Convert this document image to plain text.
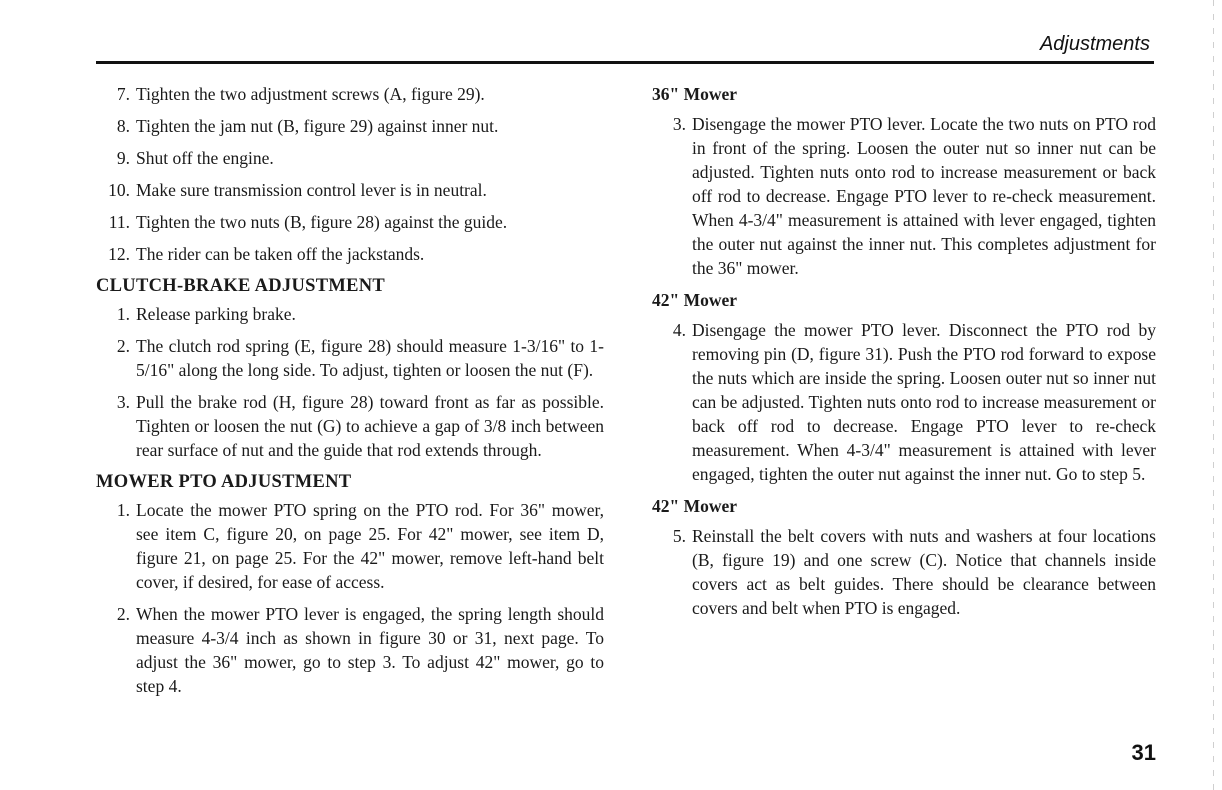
Adjustments
7. Tighten the two adjustment screws (A, figure 29).
8. Tighten the jam nut (B, figure 29) against inner nut.
9. Shut off the engine.
10. Make sure transmission control lever is in neutral.
11. Tighten the two nuts (B, figure 28) against the guide.
12. The rider can be taken off the jackstands.
CLUTCH-BRAKE ADJUSTMENT
1. Release parking brake.
2. The clutch rod spring (E, figure 28) should measure 1-3/16" to 1-5/16" along the long side. To adjust, tighten or loosen the nut (F).
3. Pull the brake rod (H, figure 28) toward front as far as possible. Tighten or loosen the nut (G) to achieve a gap of 3/8 inch between rear surface of nut and the guide that rod extends through.
MOWER PTO ADJUSTMENT
1. Locate the mower PTO spring on the PTO rod. For 36" mower, see item C, figure 20, on page 25. For 42" mower, see item D, figure 21, on page 25. For the 42" mower, remove left-hand belt cover, if desired, for ease of access.
2. When the mower PTO lever is engaged, the spring length should measure 4-3/4 inch as shown in figure 30 or 31, next page. To adjust the 36" mower, go to step 3. To adjust 42" mower, go to step 4.
36" Mower
3. Disengage the mower PTO lever. Locate the two nuts on PTO rod in front of the spring. Loosen the outer nut so inner nut can be adjusted. Tighten nuts onto rod to increase measurement or back off rod to decrease. Engage PTO lever to re-check measurement. When 4-3/4" measurement is attained with lever engaged, tighten the outer nut against the inner nut. This completes adjustment for the 36" mower.
42" Mower
4. Disengage the mower PTO lever. Disconnect the PTO rod by removing pin (D, figure 31). Push the PTO rod forward to expose the nuts which are inside the spring. Loosen outer nut so inner nut can be adjusted. Tighten nuts onto rod to increase measurement or back off rod to decrease. Engage PTO lever to re-check measurement. When 4-3/4" measurement is attained with lever engaged, tighten the outer nut against the inner nut. Go to step 5.
42" Mower
5. Reinstall the belt covers with nuts and washers at four locations (B, figure 19) and one screw (C). Notice that channels inside covers act as belt guides. There should be clearance between covers and belt when PTO is engaged.
31
